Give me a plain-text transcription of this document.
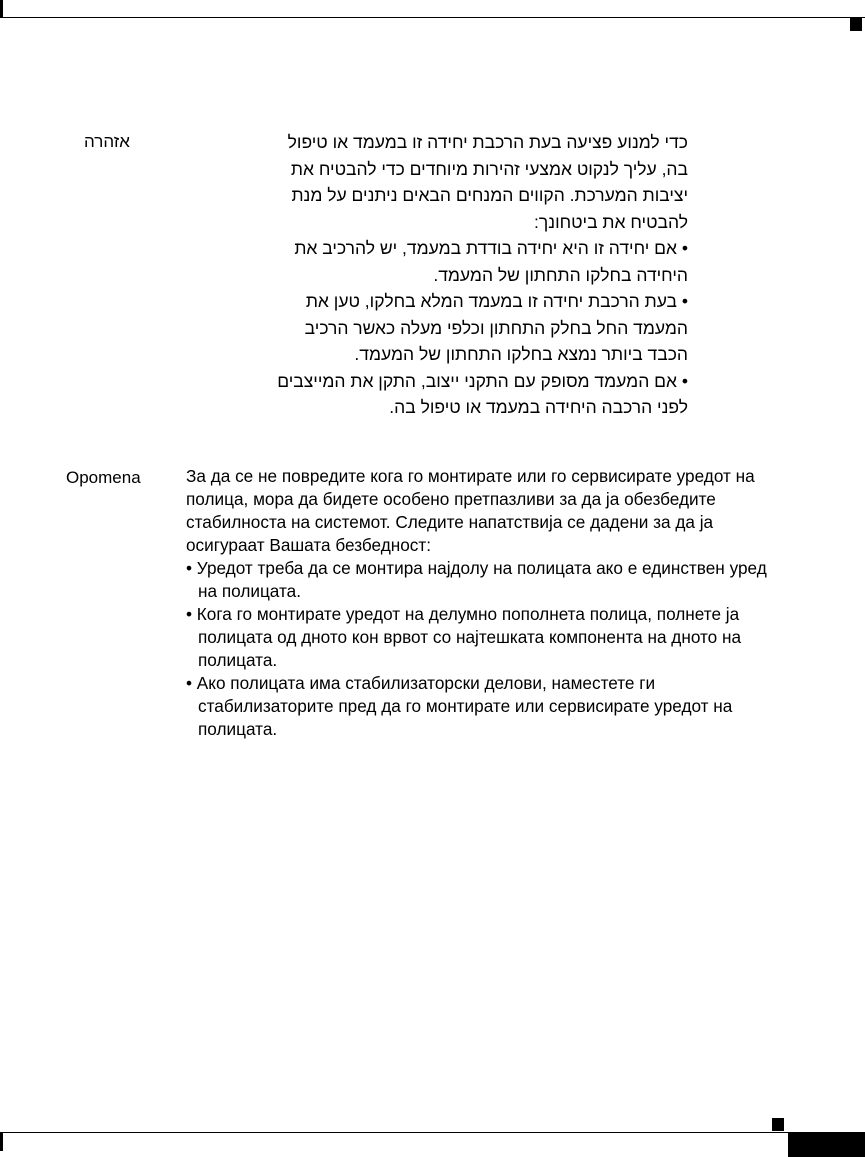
אזהרה	כדי למנוע פציעה בעת הרכבת יחידה זו במעמד או טיפול
בה, עליך לנקוט אמצעי זהירות מיוחדים כדי להבטיח את
יציבות המערכת. הקווים המנחים הבאים ניתנים על מנת
להבטיח את ביטחונך:
• אם יחידה זו היא יחידה בודדת במעמד, יש להרכיב את
היחידה בחלקו התחתון של המעמד.
• בעת הרכבת יחידה זו במעמד המלא בחלקו, טען את
המעמד החל בחלק התחתון וכלפי מעלה כאשר הרכיב
הכבד ביותר נמצא בחלקו התחתון של המעמד.
• אם המעמד מסופק עם התקני ייצוב, התקן את המייצבים
לפני הרכבה היחידה במעמד או טיפול בה.
Opomena	За да се не повредите кога го монтирате или го сервисирате уредот на
полица, мора да бидете особено претпазливи за да ја обезбедите
стабилноста на системот. Следите напатствија се дадени за да ја
осигураат Вашата безбедност:
• Уредот треба да се монтира најдолу на полицата ако е единствен уред
на полицата.
• Кога го монтирате уредот на делумно пополнета полица, полнете ја
полицата од дното кон врвот со најтешката компонента на дното на
полицата.
• Ако полицата има стабилизаторски делови, наместете ги
стабилизаторите пред да го монтирате или сервисирате уредот на
полицата.
